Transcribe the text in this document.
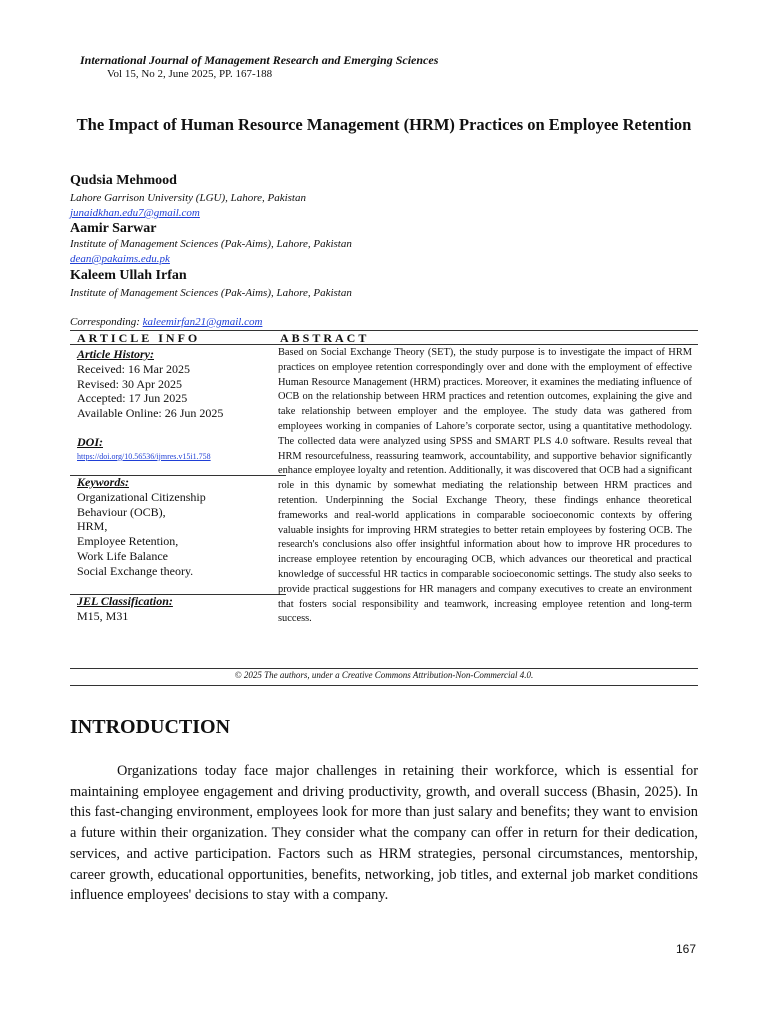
International Journal of Management Research and Emerging Sciences
Vol 15, No 2, June 2025, PP. 167-188
The Impact of Human Resource Management (HRM) Practices on Employee Retention
Qudsia Mehmood
Lahore Garrison University (LGU), Lahore, Pakistan
junaidkhan.edu7@gmail.com
Aamir Sarwar
Institute of Management Sciences (Pak-Aims), Lahore, Pakistan
dean@pakaims.edu.pk
Kaleem Ullah Irfan
Institute of Management Sciences (Pak-Aims), Lahore, Pakistan
Corresponding: kaleemirfan21@gmail.com
ARTICLE INFO	ABSTRACT
Article History:
Received: 16 Mar 2025
Revised: 30 Apr 2025
Accepted: 17 Jun 2025
Available Online: 26 Jun 2025
DOI:
https://doi.org/10.56536/ijmres.v15i1.758
Keywords:
Organizational Citizenship
Behaviour (OCB),
HRM,
Employee Retention,
Work Life Balance
Social Exchange theory.
JEL Classification:
M15, M31
Based on Social Exchange Theory (SET), the study purpose is to investigate the impact of HRM practices on employee retention correspondingly over and done with the employment of effective Human Resource Management (HRM) practices. Moreover, it examines the mediating influence of OCB on the relationship between HRM practices and retention outcomes, explaining the give and take relationship between employer and the employee. The study data was gathered from employees working in companies of Lahore’s corporate sector, using a quantitative methodology. The collected data were analyzed using SPSS and SMART PLS 4.0 software. Results reveal that HRM resourcefulness, reassuring teamwork, accountability, and supportive behavior significantly enhance employee loyalty and retention. Additionally, it was discovered that OCB had a significant role in this dynamic by somewhat mediating the relationship between HRM practices and retention. Underpinning the Social Exchange Theory, these findings enhance theoretical frameworks and real-world applications in comparable socioeconomic contexts by offering valuable insights for improving HRM strategies to better retain employees by fostering OCB. The research's conclusions also offer insightful information about how to improve HR procedures to increase employee retention by encouraging OCB, which advances our theoretical and practical knowledge of successful HR tactics in comparable socioeconomic settings. The study also seeks to provide practical suggestions for HR managers and company executives to create an environment that fosters social responsibility and teamwork, increasing employee retention and long-term success.
© 2025 The authors, under a Creative Commons Attribution-Non-Commercial 4.0.
INTRODUCTION
Organizations today face major challenges in retaining their workforce, which is essential for maintaining employee engagement and driving productivity, growth, and overall success (Bhasin, 2025). In this fast-changing environment, employees look for more than just salary and benefits; they want to envision a future within their organization. They consider what the company can offer in return for their dedication, services, and active participation. Factors such as HRM strategies, personal circumstances, mentorship, career growth, educational opportunities, benefits, networking, job titles, and external job market conditions influence employees' decisions to stay with a company.
167
